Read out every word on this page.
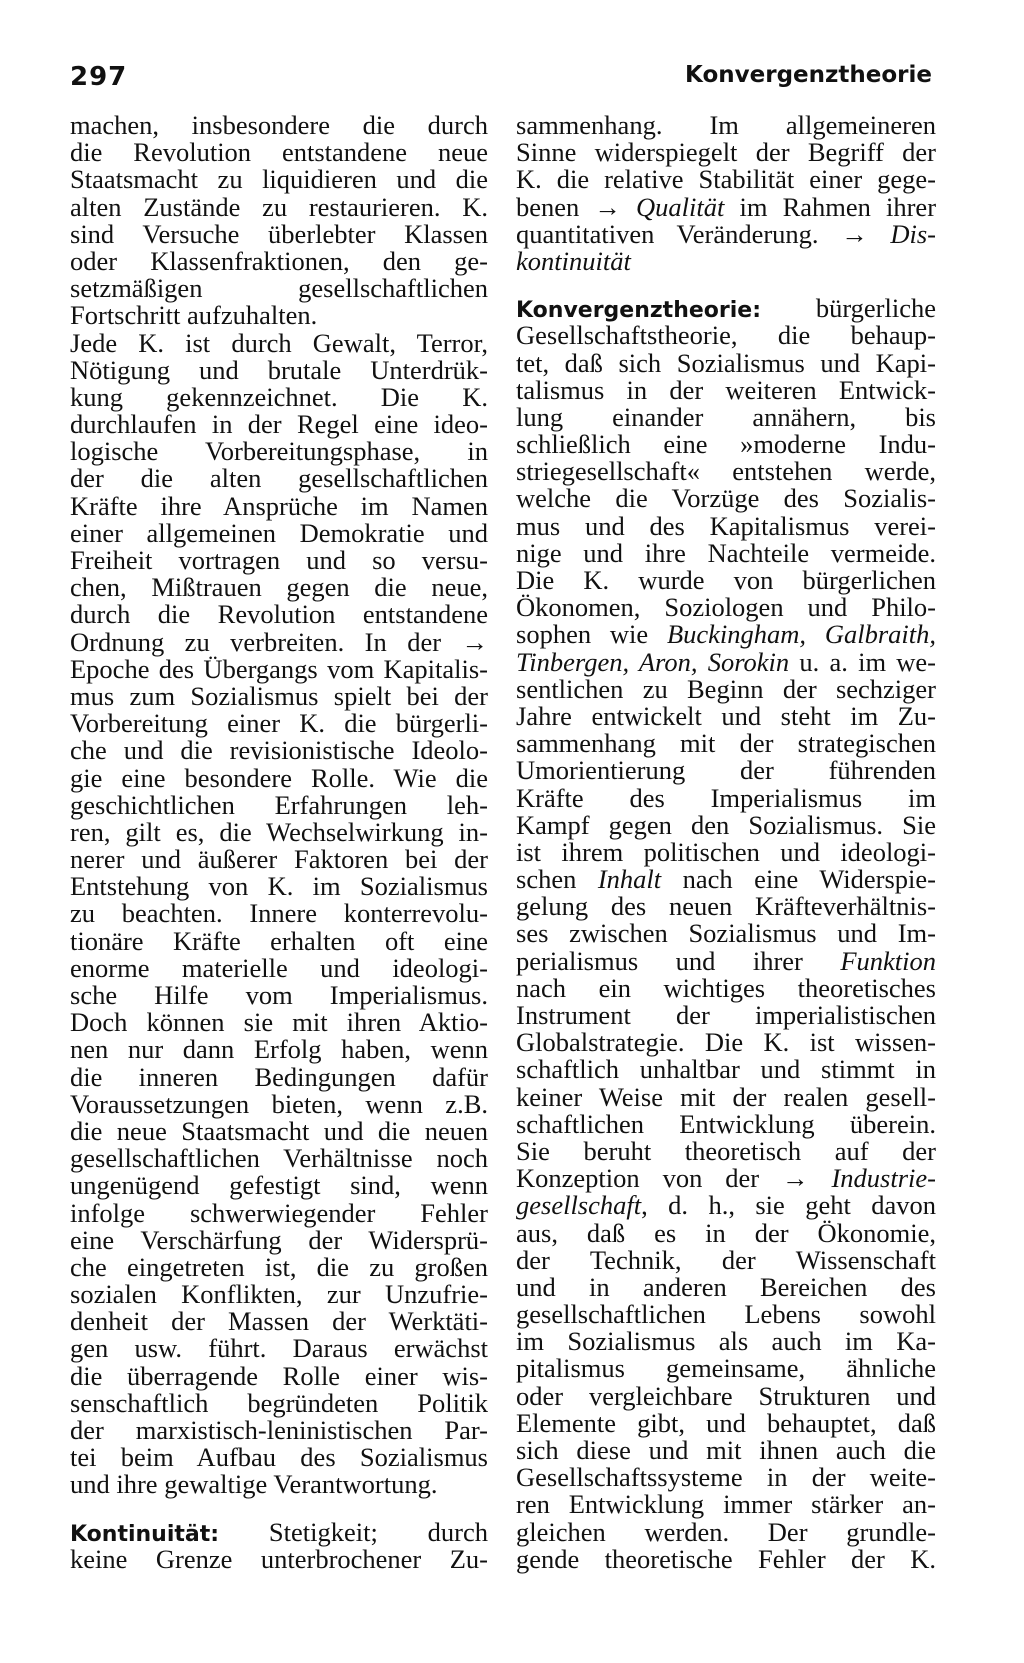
297	Konvergenztheorie
machen, insbesondere die durch
die Revolution entstandene neue
Staatsmacht zu liquidieren und die
alten Zustände zu restaurieren. K.
sind Versuche überlebter Klassen
oder Klassenfraktionen, den ge-
setzmäßigen gesellschaftlichen
Fortschritt aufzuhalten.
Jede K. ist durch Gewalt, Terror,
Nötigung und brutale Unterdrük-
kung gekennzeichnet. Die K.
durchlaufen in der Regel eine ideo-
logische Vorbereitungsphase, in
der die alten gesellschaftlichen
Kräfte ihre Ansprüche im Namen
einer allgemeinen Demokratie und
Freiheit vortragen und so versu-
chen, Mißtrauen gegen die neue,
durch die Revolution entstandene
Ordnung zu verbreiten. In der →
Epoche des Übergangs vom Kapitalis-
mus zum Sozialismus spielt bei der
Vorbereitung einer K. die bürgerli-
che und die revisionistische Ideolo-
gie eine besondere Rolle. Wie die
geschichtlichen Erfahrungen leh-
ren, gilt es, die Wechselwirkung in-
nerer und äußerer Faktoren bei der
Entstehung von K. im Sozialismus
zu beachten. Innere konterrevolu-
tionäre Kräfte erhalten oft eine
enorme materielle und ideologi-
sche Hilfe vom Imperialismus.
Doch können sie mit ihren Aktio-
nen nur dann Erfolg haben, wenn
die inneren Bedingungen dafür
Voraussetzungen bieten, wenn z.B.
die neue Staatsmacht und die neuen
gesellschaftlichen Verhältnisse noch
ungenügend gefestigt sind, wenn
infolge schwerwiegender Fehler
eine Verschärfung der Widersprü-
che eingetreten ist, die zu großen
sozialen Konflikten, zur Unzufrie-
denheit der Massen der Werktäti-
gen usw. führt. Daraus erwächst
die überragende Rolle einer wis-
senschaftlich begründeten Politik
der marxistisch-leninistischen Par-
tei beim Aufbau des Sozialismus
und ihre gewaltige Verantwortung.
Kontinuität: Stetigkeit; durch
keine Grenze unterbrochener Zu-
sammenhang. Im allgemeineren
Sinne widerspiegelt der Begriff der
K. die relative Stabilität einer gege-
benen → Qualität im Rahmen ihrer
quantitativen Veränderung. → Dis-
kontinuität
Konvergenztheorie: bürgerliche
Gesellschaftstheorie, die behaup-
tet, daß sich Sozialismus und Kapi-
talismus in der weiteren Entwick-
lung einander annähern, bis
schließlich eine »moderne Indu-
striegesellschaft« entstehen werde,
welche die Vorzüge des Sozialis-
mus und des Kapitalismus verei-
nige und ihre Nachteile vermeide.
Die K. wurde von bürgerlichen
Ökonomen, Soziologen und Philo-
sophen wie Buckingham, Galbraith,
Tinbergen, Aron, Sorokin u. a. im we-
sentlichen zu Beginn der sechziger
Jahre entwickelt und steht im Zu-
sammenhang mit der strategischen
Umorientierung der führenden
Kräfte des Imperialismus im
Kampf gegen den Sozialismus. Sie
ist ihrem politischen und ideologi-
schen Inhalt nach eine Widerspie-
gelung des neuen Kräfteverhältnis-
ses zwischen Sozialismus und Im-
perialismus und ihrer Funktion
nach ein wichtiges theoretisches
Instrument der imperialistischen
Globalstrategie. Die K. ist wissen-
schaftlich unhaltbar und stimmt in
keiner Weise mit der realen gesell-
schaftlichen Entwicklung überein.
Sie beruht theoretisch auf der
Konzeption von der → Industrie-
gesellschaft, d. h., sie geht davon
aus, daß es in der Ökonomie,
der Technik, der Wissenschaft
und in anderen Bereichen des
gesellschaftlichen Lebens sowohl
im Sozialismus als auch im Ka-
pitalismus gemeinsame, ähnliche
oder vergleichbare Strukturen und
Elemente gibt, und behauptet, daß
sich diese und mit ihnen auch die
Gesellschaftssysteme in der weite-
ren Entwicklung immer stärker an-
gleichen werden. Der grundle-
gende theoretische Fehler der K.
